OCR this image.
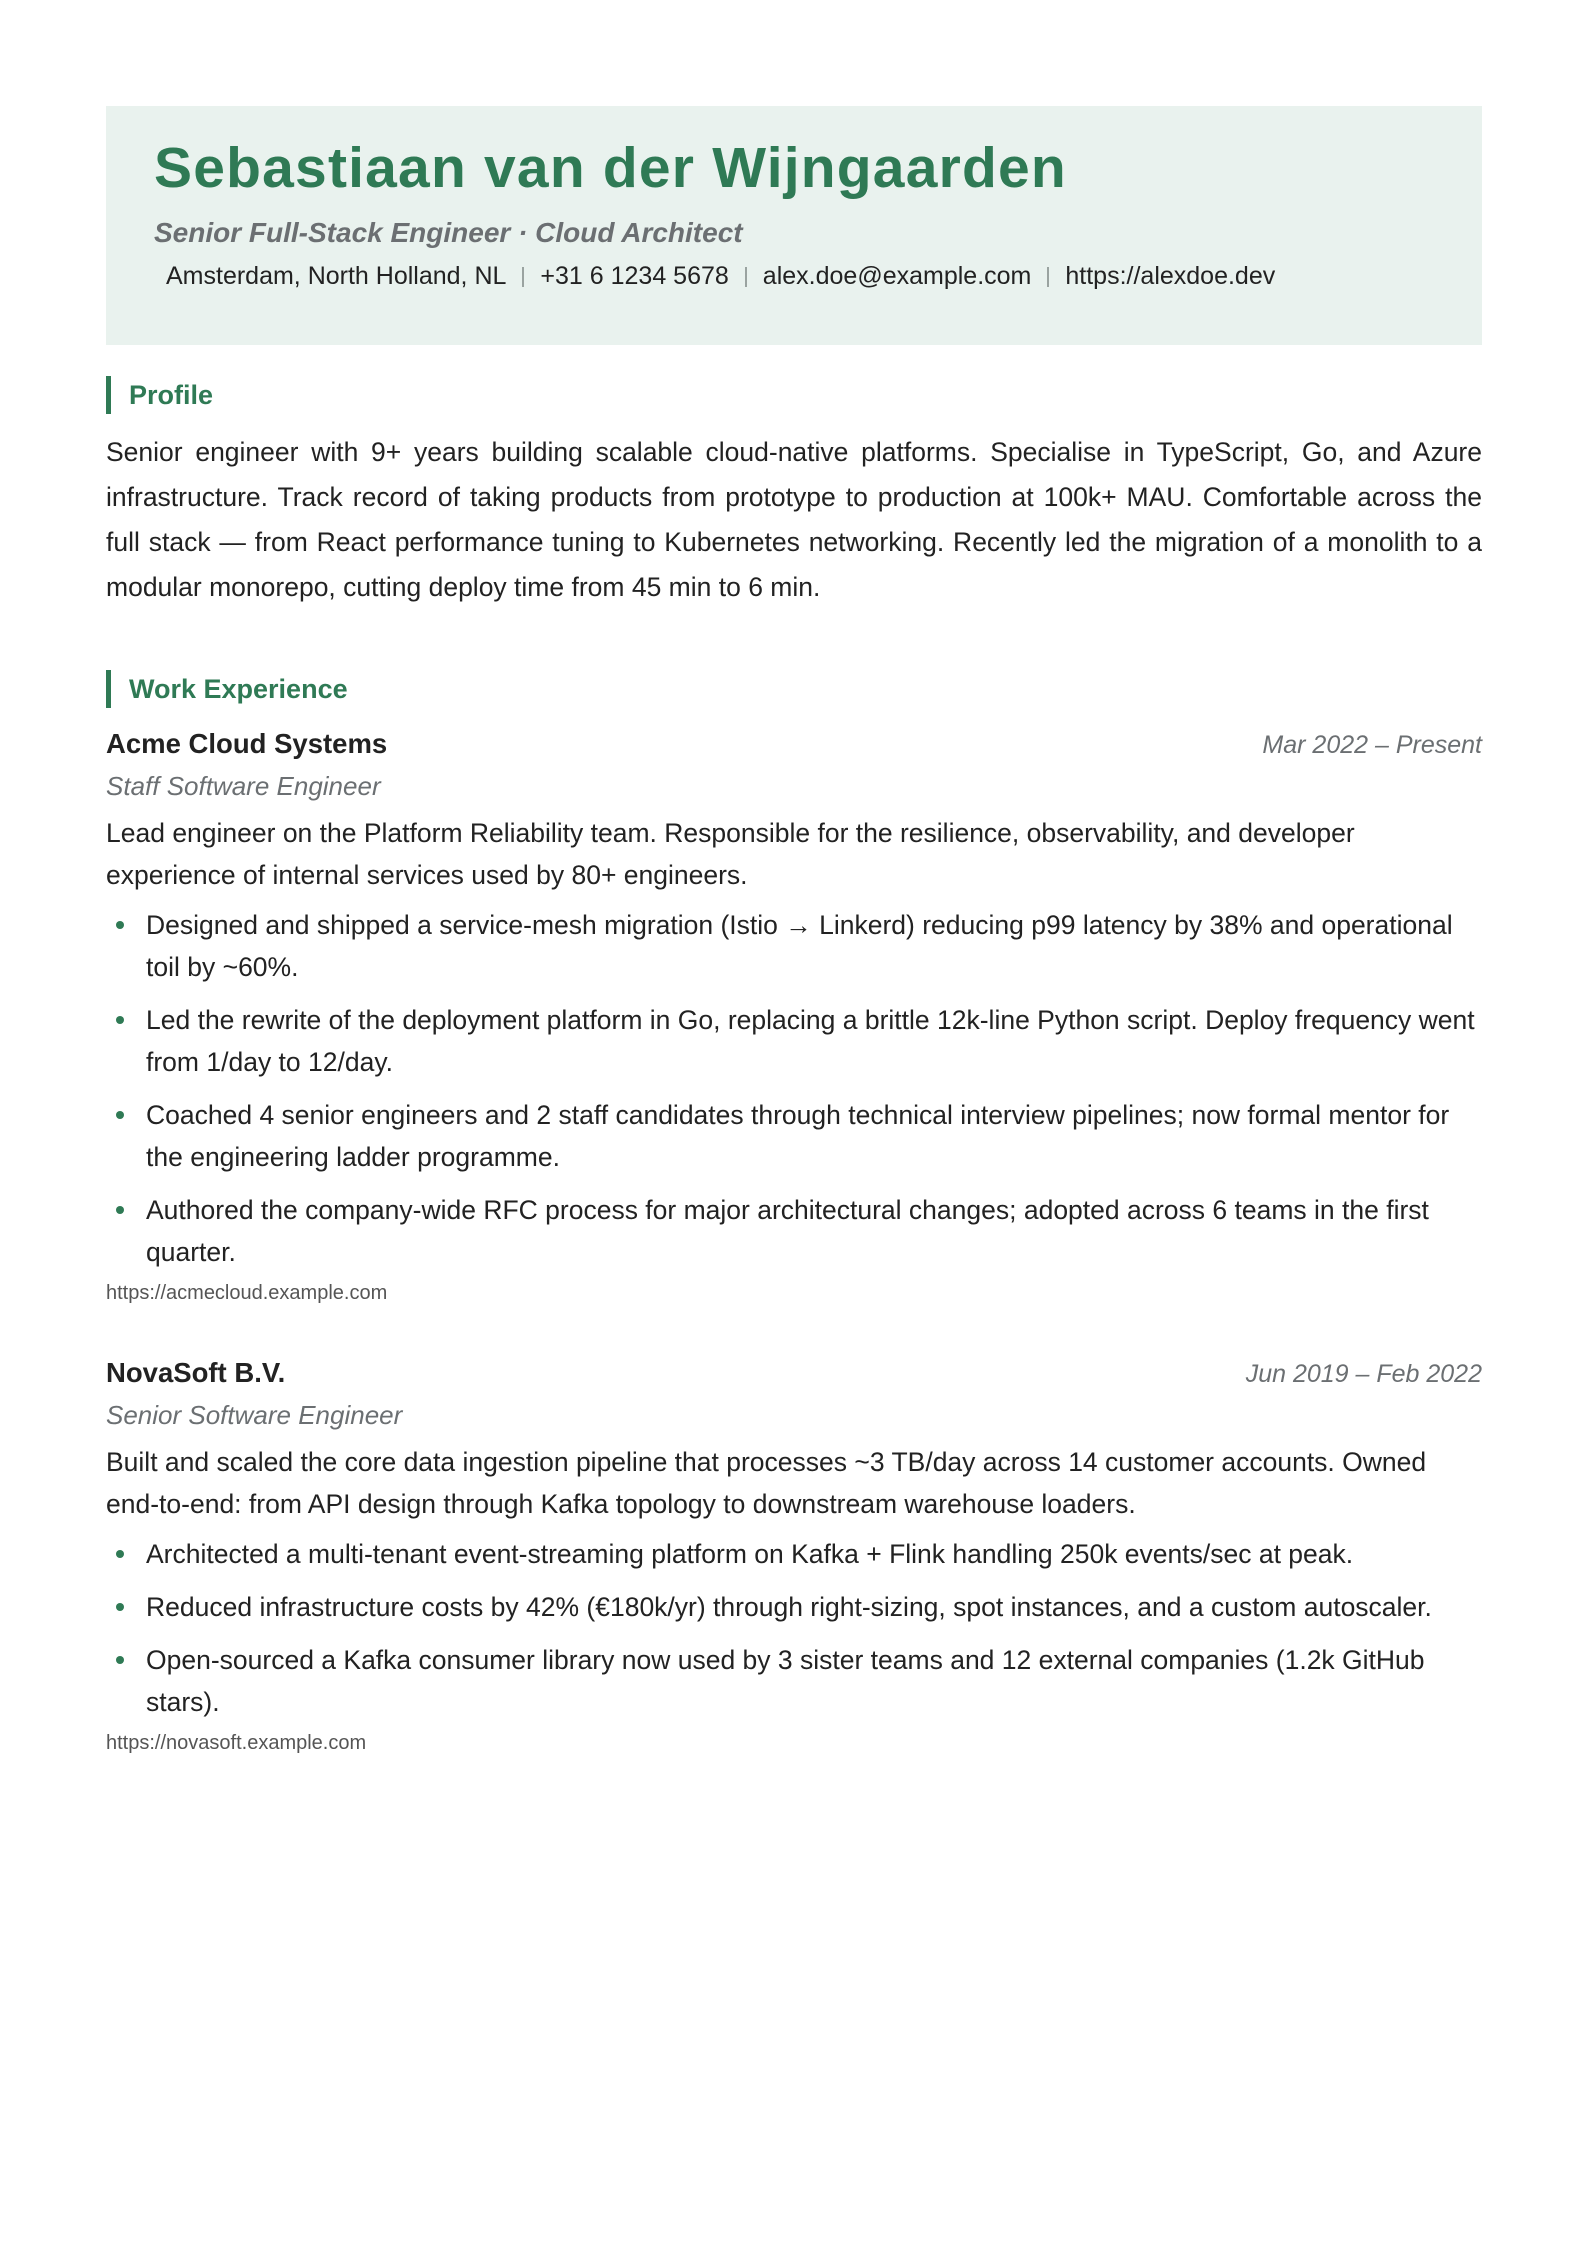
Sebastiaan van der Wijngaarden
Senior Full-Stack Engineer · Cloud Architect
Amsterdam, North Holland, NL +31 6 1234 5678 alex.doe@example.com https://alexdoe.dev
Profile

Senior engineer with 9+ years building scalable cloud-native platforms. Specialise in TypeScript, Go, and Azure infrastructure. Track record of taking products from prototype to production at 100k+ MAU. Comfortable across the full stack — from React performance tuning to Kubernetes networking. Recently led the migration of a monolith to a modular monorepo, cutting deploy time from 45 min to 6 min.

Work Experience
Acme Cloud Systems	Mar 2022 – Present
Staff Software Engineer
Lead engineer on the Platform Reliability team. Responsible for the resilience, observability, and developer experience of internal services used by 80+ engineers.
Designed and shipped a service-mesh migration (Istio → Linkerd) reducing p99 latency by 38% and operational toil by ~60%.
Led the rewrite of the deployment platform in Go, replacing a brittle 12k-line Python script. Deploy frequency went from 1/day to 12/day.
Coached 4 senior engineers and 2 staff candidates through technical interview pipelines; now formal mentor for the engineering ladder programme.
Authored the company-wide RFC process for major architectural changes; adopted across 6 teams in the first quarter.
https://acmecloud.example.com
NovaSoft B.V.	Jun 2019 – Feb 2022
Senior Software Engineer
Built and scaled the core data ingestion pipeline that processes ~3 TB/day across 14 customer accounts. Owned end-to-end: from API design through Kafka topology to downstream warehouse loaders.
Architected a multi-tenant event-streaming platform on Kafka + Flink handling 250k events/sec at peak.
Reduced infrastructure costs by 42% (€180k/yr) through right-sizing, spot instances, and a custom autoscaler.
Open-sourced a Kafka consumer library now used by 3 sister teams and 12 external companies (1.2k GitHub stars).
https://novasoft.example.com
